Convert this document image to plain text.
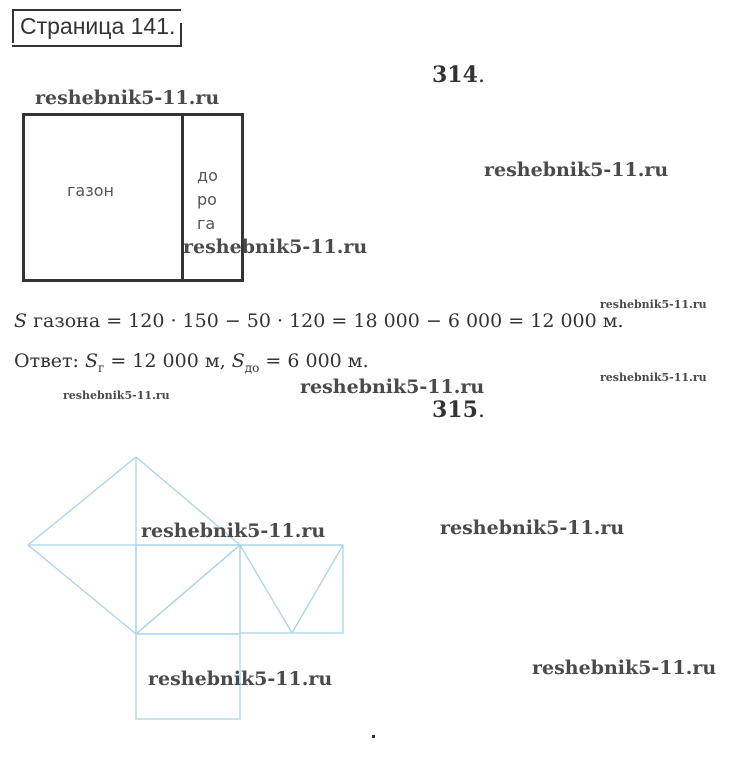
Страница 141.
314.
reshebnik5-11.ru
газон
до
ро
га
reshebnik5-11.ru
reshebnik5-11.ru
reshebnik5-11.ru
S газона = 120 · 150 − 50 · 120 = 18 000 − 6 000 = 12 000 м.
Ответ: $S_г = 12$ 000 м, $S_{до} = 6$ 000 м.
reshebnik5-11.ru
reshebnik5-11.ru
reshebnik5-11.ru
315.
reshebnik5-11.ru	reshebnik5-11.ru
reshebnik5-11.ru
reshebnik5-11.ru
